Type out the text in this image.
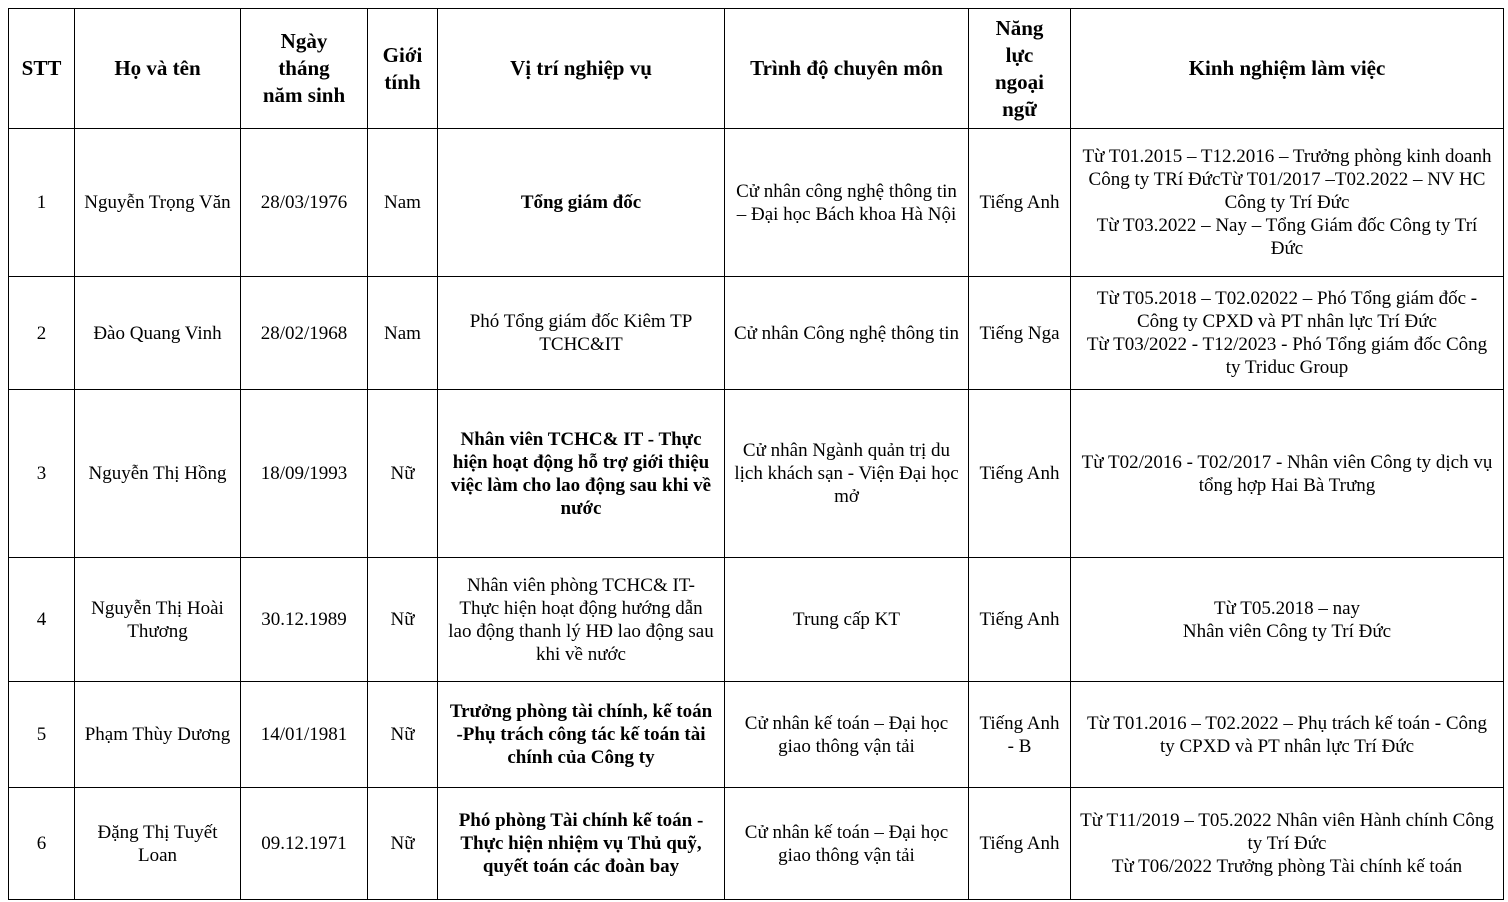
STT	Họ và tên	Ngày
tháng
năm sinh	Giới
tính	Vị trí nghiệp vụ	Trình độ chuyên môn	Năng
lực
ngoại
ngữ	Kinh nghiệm làm việc
1	Nguyễn Trọng Văn	28/03/1976	Nam	Tổng giám đốc	Cử nhân công nghệ thông tin – Đại học Bách khoa Hà Nội	Tiếng Anh	Từ T01.2015 – T12.2016 – Trưởng phòng kinh doanh Công ty TRí ĐứcTừ T01/2017 –T02.2022 – NV HC Công ty Trí Đức
Từ T03.2022 – Nay – Tổng Giám đốc Công ty Trí Đức

2	Đào Quang Vinh	28/02/1968	Nam	Phó Tổng giám đốc Kiêm TP TCHC&IT	Cử nhân Công nghệ thông tin	Tiếng Nga	Từ T05.2018 – T02.02022 – Phó Tổng giám đốc - Công ty CPXD và PT nhân lực Trí Đức
Từ T03/2022 - T12/2023 - Phó Tổng giám đốc Công ty Triduc Group

3	Nguyễn Thị Hồng	18/09/1993	Nữ	Nhân viên TCHC& IT - Thực hiện hoạt động hỗ trợ giới thiệu việc làm cho lao động sau khi về nước	Cử nhân Ngành quản trị du lịch khách sạn - Viện Đại học mở	Tiếng Anh	Từ T02/2016 - T02/2017 - Nhân viên Công ty dịch vụ tổng hợp Hai Bà Trưng

4	Nguyễn Thị Hoài Thương	30.12.1989	Nữ	Nhân viên phòng TCHC& IT- Thực hiện hoạt động hướng dẫn lao động thanh lý HĐ lao động sau khi về nước	Trung cấp KT	Tiếng Anh	Từ T05.2018 – nay
Nhân viên Công ty Trí Đức

5	Phạm Thùy Dương	14/01/1981	Nữ	Trưởng phòng tài chính, kế toán -Phụ trách công tác kế toán tài chính của Công ty	Cử nhân kế toán – Đại học giao thông vận tải	Tiếng Anh - B	Từ T01.2016 – T02.2022 – Phụ trách kế toán - Công ty CPXD và PT nhân lực Trí Đức

6	Đặng Thị Tuyết Loan	09.12.1971	Nữ	Phó phòng Tài chính kế toán - Thực hiện nhiệm vụ Thủ quỹ, quyết toán các đoàn bay	Cử nhân kế toán – Đại học giao thông vận tải	Tiếng Anh	Từ T11/2019 – T05.2022 Nhân viên Hành chính Công ty Trí Đức
Từ T06/2022 Trưởng phòng Tài chính kế toán
